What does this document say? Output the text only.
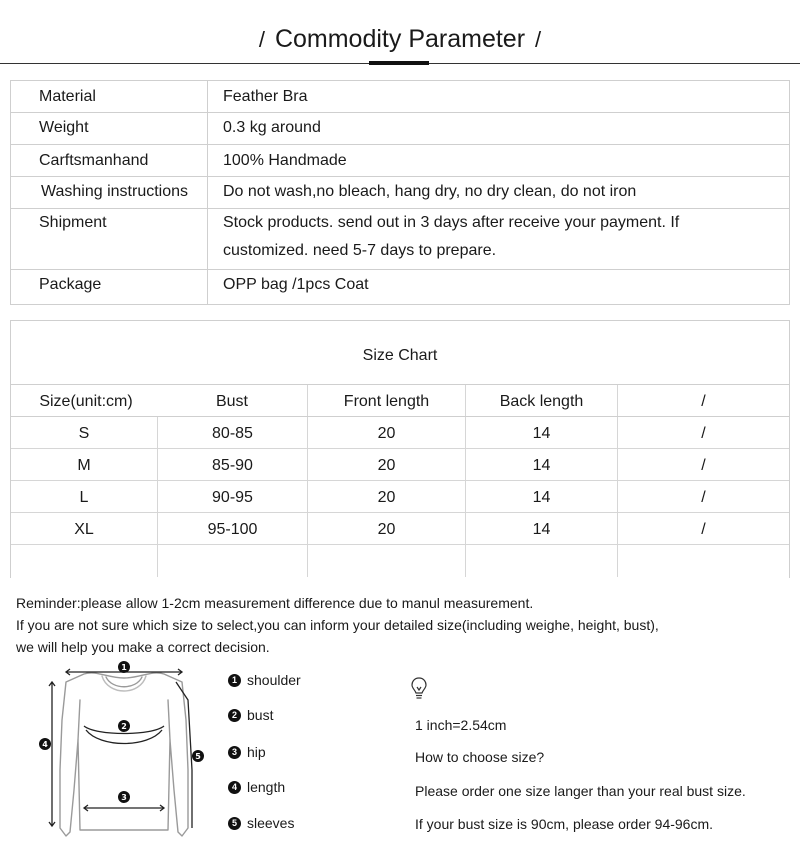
/ Commodity Parameter /
Material	Feather Bra
Weight	0.3 kg around
Carftsmanhand	100% Handmade
Washing instructions	Do not wash,no bleach, hang dry, no dry clean, do not iron
Shipment	Stock products. send out in 3 days after receive your payment. If
customized. need 5-7 days to prepare.

Package	OPP bag /1pcs Coat
Size Chart
Size(unit:cm)	Bust	Front length	Back length	/
S	80-85	20	14	/
M	85-90	20	14	/
L	90-95	20	14	/
XL	95-100	20	14	/
Reminder:please allow 1-2cm measurement difference due to manul measurement.
If you are not sure which size to select,you can inform your detailed size(including weighe, height, bust),
we will help you make a correct decision.
1
2
3
4
5
1 shoulder
2 bust
3 hip
4 length
5 sleeves
1 inch=2.54cm
How to choose size?
Please order one size langer than your real bust size.
If your bust size is 90cm, please order 94-96cm.
